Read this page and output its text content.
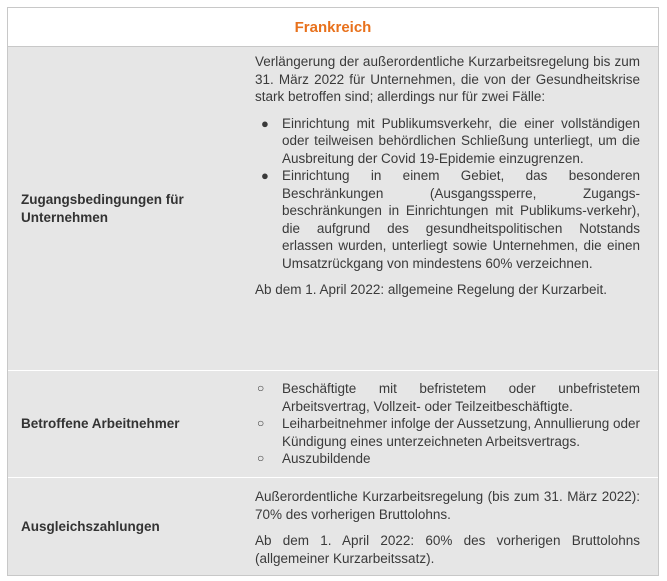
Frankreich
Zugangsbedingungen für Unternehmen

Verlängerung der außerordentliche Kurzarbeitsregelung bis zum 31. März 2022 für Unternehmen, die von der Gesundheitskrise stark betroffen sind; allerdings nur für zwei Fälle:

● Einrichtung mit Publikumsverkehr, die einer vollständigen oder teilweisen behördlichen Schließung unterliegt, um die Ausbreitung der Covid 19-Epidemie einzugrenzen.
● Einrichtung in einem Gebiet, das besonderen Beschränkungen (Ausgangssperre, Zugangs-beschränkungen in Einrichtungen mit Publikums-verkehr), die aufgrund des gesundheitspolitischen Notstands erlassen wurden, unterliegt sowie Unternehmen, die einen Umsatzrückgang von mindestens 60% verzeichnen.

Ab dem 1. April 2022: allgemeine Regelung der Kurzarbeit.

Betroffene Arbeitnehmer
○ Beschäftigte mit befristetem oder unbefristetem Arbeitsvertrag, Vollzeit- oder Teilzeitbeschäftigte.
○ Leiharbeitnehmer infolge der Aussetzung, Annullierung oder Kündigung eines unterzeichneten Arbeitsvertrags.
○ Auszubildende
Ausgleichszahlungen

Außerordentliche Kurzarbeitsregelung (bis zum 31. März 2022): 70% des vorherigen Bruttolohns.

Ab dem 1. April 2022: 60% des vorherigen Bruttolohns (allgemeiner Kurzarbeitssatz).
